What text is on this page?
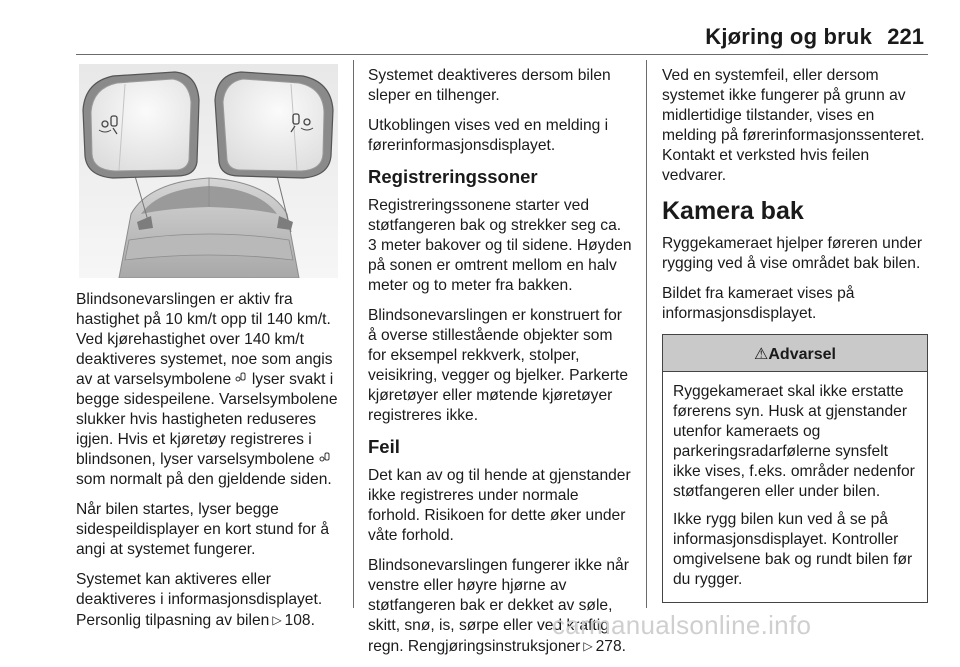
Kjøring og bruk 221

Blindsonevarslingen er aktiv fra hastighet på 10 km/t opp til 140 km/t. Ved kjørehastighet over 140 km/t deaktiveres systemet, noe som angis av at varselsymbolene  lyser svakt i begge sidespeilene. Varselsymbolene slukker hvis hastigheten reduseres igjen. Hvis et kjøretøy registreres i blindsonen, lyser varselsymbolene  som normalt på den gjeldende siden.

Når bilen startes, lyser begge sidespeildisplayer en kort stund for å angi at systemet fungerer.

Systemet kan aktiveres eller deaktiveres i informasjonsdisplayet. Personlig tilpasning av bilen ▷ 108.

Systemet deaktiveres dersom bilen sleper en tilhenger.

Utkoblingen vises ved en melding i førerinformasjonsdisplayet.

Registreringssoner

Registreringssonene starter ved støtfangeren bak og strekker seg ca. 3 meter bakover og til sidene. Høyden på sonen er omtrent mellom en halv meter og to meter fra bakken.

Blindsonevarslingen er konstruert for å overse stillestående objekter som for eksempel rekkverk, stolper, veisikring, vegger og bjelker. Parkerte kjøretøyer eller møtende kjøretøyer registreres ikke.

Feil

Det kan av og til hende at gjenstander ikke registreres under normale forhold. Risikoen for dette øker under våte forhold.

Blindsonevarslingen fungerer ikke når venstre eller høyre hjørne av støtfangeren bak er dekket av søle, skitt, snø, is, sørpe eller ved kraftig regn. Rengjøringsinstruksjoner ▷ 278.

Ved en systemfeil, eller dersom systemet ikke fungerer på grunn av midlertidige tilstander, vises en melding på førerinformasjonssenteret. Kontakt et verksted hvis feilen vedvarer.

Kamera bak

Ryggekameraet hjelper føreren under rygging ved å vise området bak bilen.

Bildet fra kameraet vises på informasjonsdisplayet.

⚠Advarsel

Ryggekameraet skal ikke erstatte førerens syn. Husk at gjenstander utenfor kameraets og parkeringsradarfølerne synsfelt ikke vises, f.eks. områder nedenfor støtfangeren eller under bilen.

Ikke rygg bilen kun ved å se på informasjonsdisplayet. Kontroller omgivelsene bak og rundt bilen før du rygger.

carmanualsonline.info
